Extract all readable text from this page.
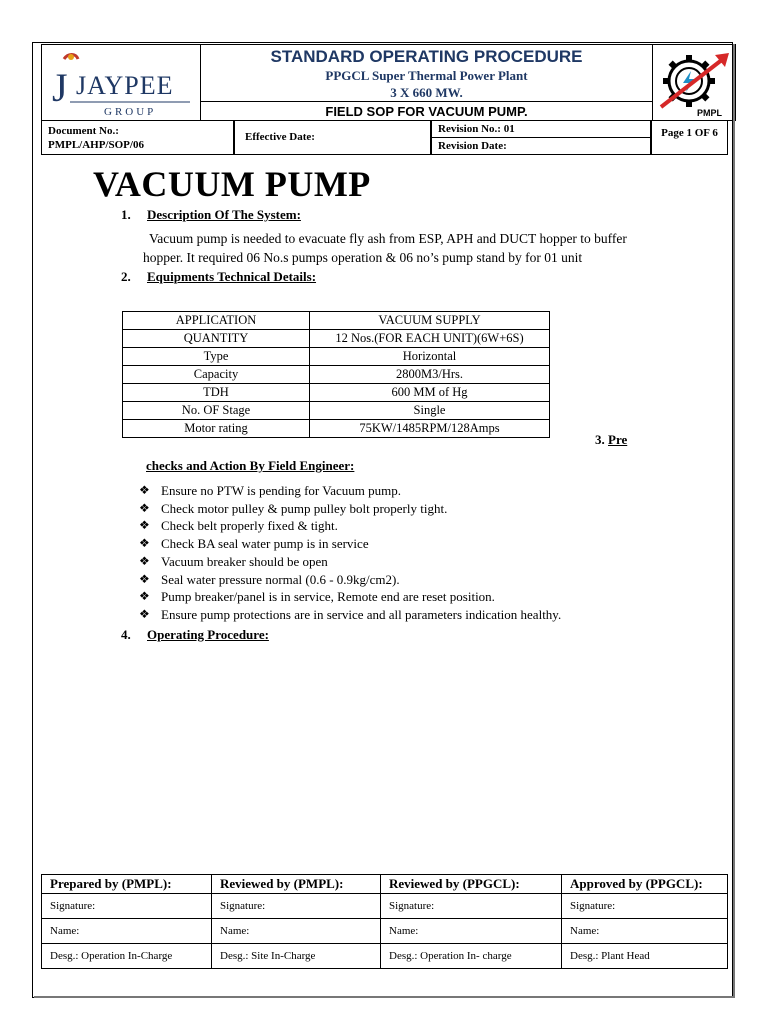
J JAYPEE
GROUP
STANDARD OPERATING PROCEDURE
PPGCL Super Thermal Power Plant
3 X 660 MW.
FIELD SOP FOR VACUUM PUMP.	PMPL
Document No.:
PMPL/AHP/SOP/06
Effective Date:
Revision No.: 01
Revision Date:
Page 1 OF 6
VACUUM PUMP
1. Description Of The System:
Vacuum pump is needed to evacuate fly ash from ESP, APH and DUCT hopper to buffer
hopper. It required 06 No.s pumps operation & 06 no’s pump stand by for 01 unit
2. Equipments Technical Details:
APPLICATION	VACUUM SUPPLY
QUANTITY	12 Nos.(FOR EACH UNIT)(6W+6S)
Type	Horizontal
Capacity	2800M3/Hrs.
TDH	600 MM of Hg
No. OF Stage	Single
Motor rating	75KW/1485RPM/128Amps
3. Pre
checks and Action By Field Engineer:
❖ Ensure no PTW is pending for Vacuum pump.
❖ Check motor pulley & pump pulley bolt properly tight.
❖ Check belt properly fixed & tight.
❖ Check BA seal water pump is in service
❖ Vacuum breaker should be open
❖ Seal water pressure normal (0.6 - 0.9kg/cm2).
❖ Pump breaker/panel is in service, Remote end are reset position.
❖ Ensure pump protections are in service and all parameters indication healthy.
4. Operating Procedure:
Prepared by (PMPL):	Reviewed by (PMPL):	Reviewed by (PPGCL):	Approved by (PPGCL):
Signature:	Signature:	Signature:	Signature:
Name:	Name:	Name:	Name:
Desg.: Operation In-Charge	Desg.: Site In-Charge	Desg.: Operation In- charge	Desg.: Plant Head
